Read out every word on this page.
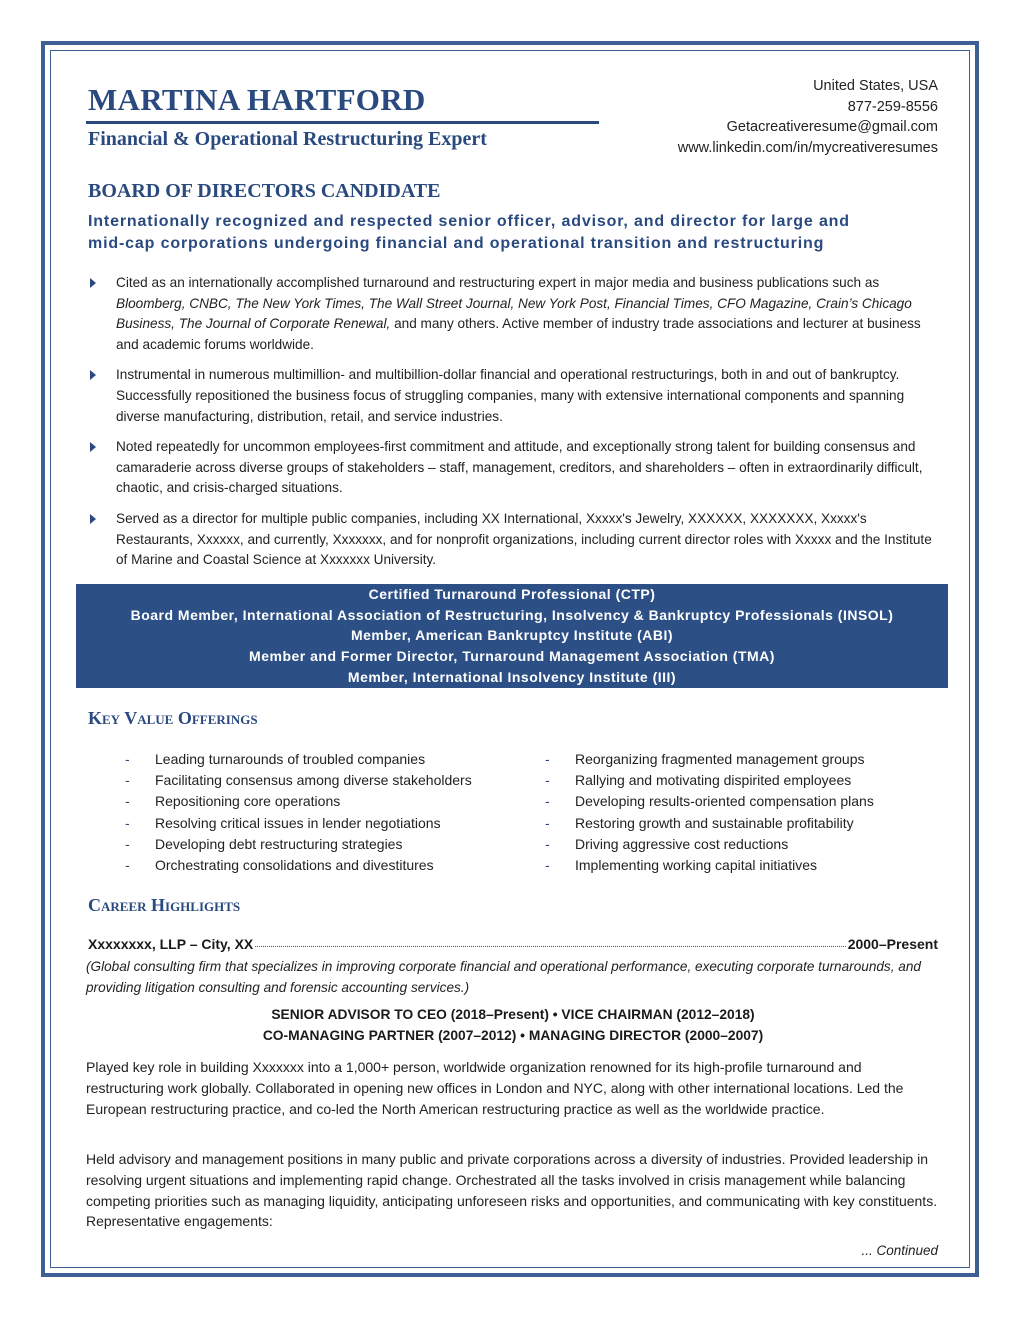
MARTINA HARTFORD
Financial & Operational Restructuring Expert
United States, USA
877-259-8556
Getacreativeresume@gmail.com
www.linkedin.com/in/mycreativeresumes
BOARD OF DIRECTORS CANDIDATE
Internationally recognized and respected senior officer, advisor, and director for large and
mid-cap corporations undergoing financial and operational transition and restructuring
Cited as an internationally accomplished turnaround and restructuring expert in major media and business publications such as Bloomberg, CNBC, The New York Times, The Wall Street Journal, New York Post, Financial Times, CFO Magazine, Crain’s Chicago Business, The Journal of Corporate Renewal, and many others. Active member of industry trade associations and lecturer at business and academic forums worldwide.
Instrumental in numerous multimillion- and multibillion-dollar financial and operational restructurings, both in and out of bankruptcy. Successfully repositioned the business focus of struggling companies, many with extensive international components and spanning diverse manufacturing, distribution, retail, and service industries.
Noted repeatedly for uncommon employees-first commitment and attitude, and exceptionally strong talent for building consensus and camaraderie across diverse groups of stakeholders – staff, management, creditors, and shareholders – often in extraordinarily difficult, chaotic, and crisis-charged situations.
Served as a director for multiple public companies, including XX International, Xxxxx's Jewelry, XXXXXX, XXXXXXX, Xxxxx's Restaurants, Xxxxxx, and currently, Xxxxxxx, and for nonprofit organizations, including current director roles with Xxxxx and the Institute of Marine and Coastal Science at Xxxxxxx University.
Certified Turnaround Professional (CTP)
Board Member, International Association of Restructuring, Insolvency & Bankruptcy Professionals (INSOL)
Member, American Bankruptcy Institute (ABI)
Member and Former Director, Turnaround Management Association (TMA)
Member, International Insolvency Institute (III)
Key Value Offerings
- Leading turnarounds of troubled companies
- Facilitating consensus among diverse stakeholders
- Repositioning core operations
- Resolving critical issues in lender negotiations
- Developing debt restructuring strategies
- Orchestrating consolidations and divestitures
- Reorganizing fragmented management groups
- Rallying and motivating dispirited employees
- Developing results-oriented compensation plans
- Restoring growth and sustainable profitability
- Driving aggressive cost reductions
- Implementing working capital initiatives
Career Highlights
Xxxxxxxx, LLP – City, XX	2000–Present
(Global consulting firm that specializes in improving corporate financial and operational performance, executing corporate turnarounds, and providing litigation consulting and forensic accounting services.)
SENIOR ADVISOR TO CEO (2018–Present) • VICE CHAIRMAN (2012–2018)
CO-MANAGING PARTNER (2007–2012) • MANAGING DIRECTOR (2000–2007)
Played key role in building Xxxxxxx into a 1,000+ person, worldwide organization renowned for its high-profile turnaround and restructuring work globally. Collaborated in opening new offices in London and NYC, along with other international locations. Led the European restructuring practice, and co-led the North American restructuring practice as well as the worldwide practice.
Held advisory and management positions in many public and private corporations across a diversity of industries. Provided leadership in resolving urgent situations and implementing rapid change. Orchestrated all the tasks involved in crisis management while balancing competing priorities such as managing liquidity, anticipating unforeseen risks and opportunities, and communicating with key constituents. Representative engagements:
... Continued
